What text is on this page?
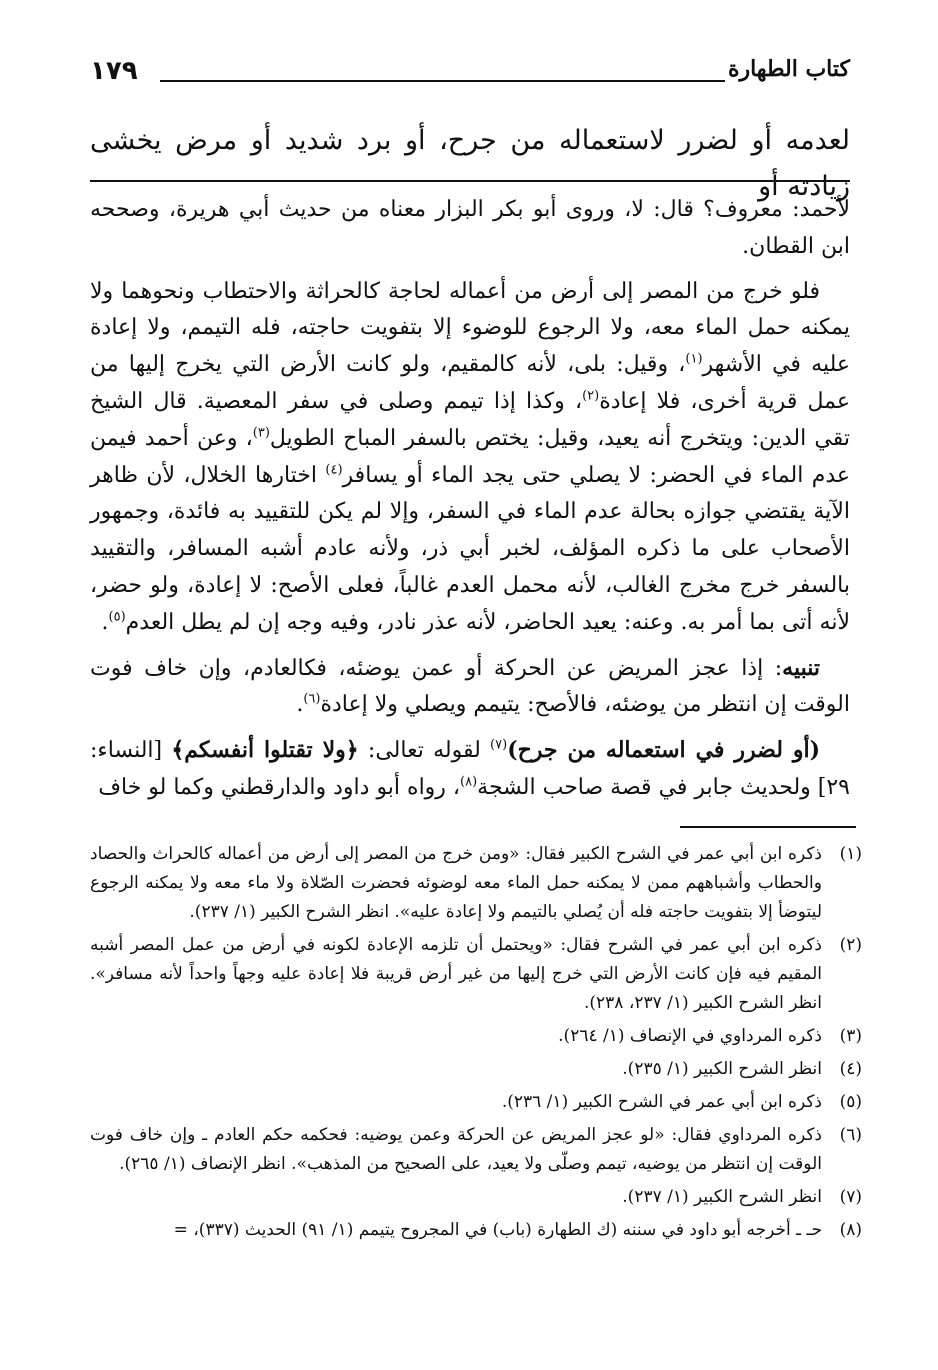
كتاب الطهارة
١٧٩
لعدمه أو لضرر لاستعماله من جرح، أو برد شديد أو مرض يخشى زيادته أو

لأحمد: معروف؟ قال: لا، وروى أبو بكر البزار معناه من حديث أبي هريرة، وصححه ابن القطان.

فلو خرج من المصر إلى أرض من أعماله لحاجة كالحراثة والاحتطاب ونحوهما ولا يمكنه حمل الماء معه، ولا الرجوع للوضوء إلا بتفويت حاجته، فله التيمم، ولا إعادة عليه في الأشهر$^{(١)}$، وقيل: بلى، لأنه كالمقيم، ولو كانت الأرض التي يخرج إليها من عمل قرية أخرى، فلا إعادة$^{(٢)}$، وكذا إذا تيمم وصلى في سفر المعصية. قال الشيخ تقي الدين: ويتخرج أنه يعيد، وقيل: يختص بالسفر المباح الطويل$^{(٣)}$، وعن أحمد فيمن عدم الماء في الحضر: لا يصلي حتى يجد الماء أو يسافر$^{(٤)}$ اختارها الخلال، لأن ظاهر الآية يقتضي جوازه بحالة عدم الماء في السفر، وإلا لم يكن للتقييد به فائدة، وجمهور الأصحاب على ما ذكره المؤلف، لخبر أبي ذر، ولأنه عادم أشبه المسافر، والتقييد بالسفر خرج مخرج الغالب، لأنه محمل العدم غالباً، فعلى الأصح: لا إعادة، ولو حضر، لأنه أتى بما أمر به. وعنه: يعيد الحاضر، لأنه عذر نادر، وفيه وجه إن لم يطل العدم$^{(٥)}$.

تنبيه: إذا عجز المريض عن الحركة أو عمن يوضئه، فكالعادم، وإن خاف فوت الوقت إن انتظر من يوضئه، فالأصح: يتيمم ويصلي ولا إعادة$^{(٦)}$.

(أو لضرر في استعماله من جرح)$^{(٧)}$ لقوله تعالى: ﴿ولا تقتلوا أنفسكم﴾ [النساء: ٢٩] ولحديث جابر في قصة صاحب الشجة$^{(٨)}$، رواه أبو داود والدارقطني وكما لو خاف

(١)
ذكره ابن أبي عمر في الشرح الكبير فقال: «ومن خرج من المصر إلى أرض من أعماله كالحراث والحصاد والحطاب وأشباههم ممن لا يمكنه حمل الماء معه لوضوئه فحضرت الصّلاة ولا ماء معه ولا يمكنه الرجوع ليتوضأ إلا بتفويت حاجته فله أن يُصلي بالتيمم ولا إعادة عليه». انظر الشرح الكبير (١/ ٢٣٧).
(٢)
ذكره ابن أبي عمر في الشرح فقال: «ويحتمل أن تلزمه الإعادة لكونه في أرض من عمل المصر أشبه المقيم فيه فإن كانت الأرض التي خرج إليها من غير أرض قريبة فلا إعادة عليه وجهاً واحداً لأنه مسافر». انظر الشرح الكبير (١/ ٢٣٧، ٢٣٨).
(٣)
ذكره المرداوي في الإنصاف (١/ ٢٦٤).
(٤)
انظر الشرح الكبير (١/ ٢٣٥).
(٥)
ذكره ابن أبي عمر في الشرح الكبير (١/ ٢٣٦).
(٦)
ذكره المرداوي فقال: «لو عجز المريض عن الحركة وعمن يوضيه: فحكمه حكم العادم ـ وإن خاف فوت الوقت إن انتظر من يوضيه، تيمم وصلّى ولا يعيد، على الصحيح من المذهب». انظر الإنصاف (١/ ٢٦٥).
(٧)
انظر الشرح الكبير (١/ ٢٣٧).
(٨)
حـ ـ أخرجه أبو داود في سننه (ك الطهارة (باب) في المجروح يتيمم (١/ ٩١) الحديث (٣٣٧)، =
